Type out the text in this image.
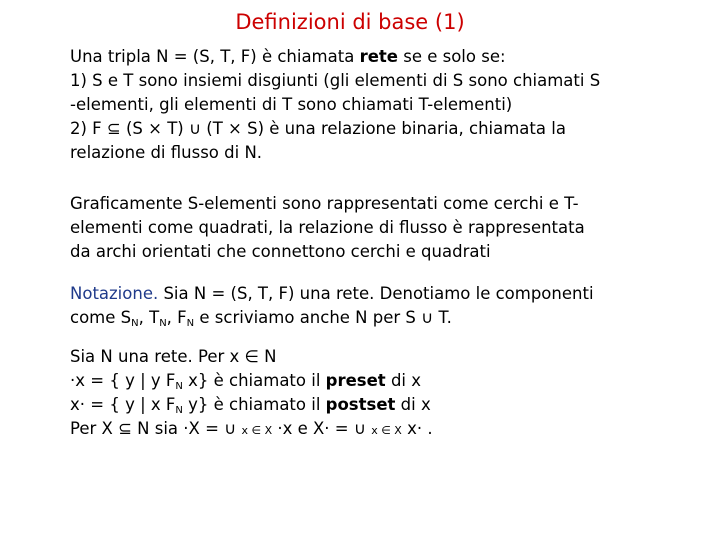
Definizioni di base (1)
Una tripla N = (S, T, F) è chiamata rete se e solo se:
1) S e T sono insiemi disgiunti (gli elementi di S sono chiamati S
-elementi, gli elementi di T sono chiamati T-elementi)
2) F ⊆ (S × T) ∪ (T × S) è una relazione binaria, chiamata la
relazione di flusso di N.
Graficamente S-elementi sono rappresentati come cerchi e T-
elementi come quadrati, la relazione di flusso è rappresentata
da archi orientati che connettono cerchi e quadrati
Notazione. Sia N = (S, T, F) una rete. Denotiamo le componenti
come $S_N$, $T_N$, $F_N$ e scriviamo anche N per S ∪ T.
Sia N una rete. Per x ∈ N
·x = { y | y $F_N$ x} è chiamato il preset di x
x· = { y | x $F_N$ y} è chiamato il postset di x
Per X ⊆ N sia ·X = ∪ x ∈ X ·x e X· = ∪ x ∈ X x· .
